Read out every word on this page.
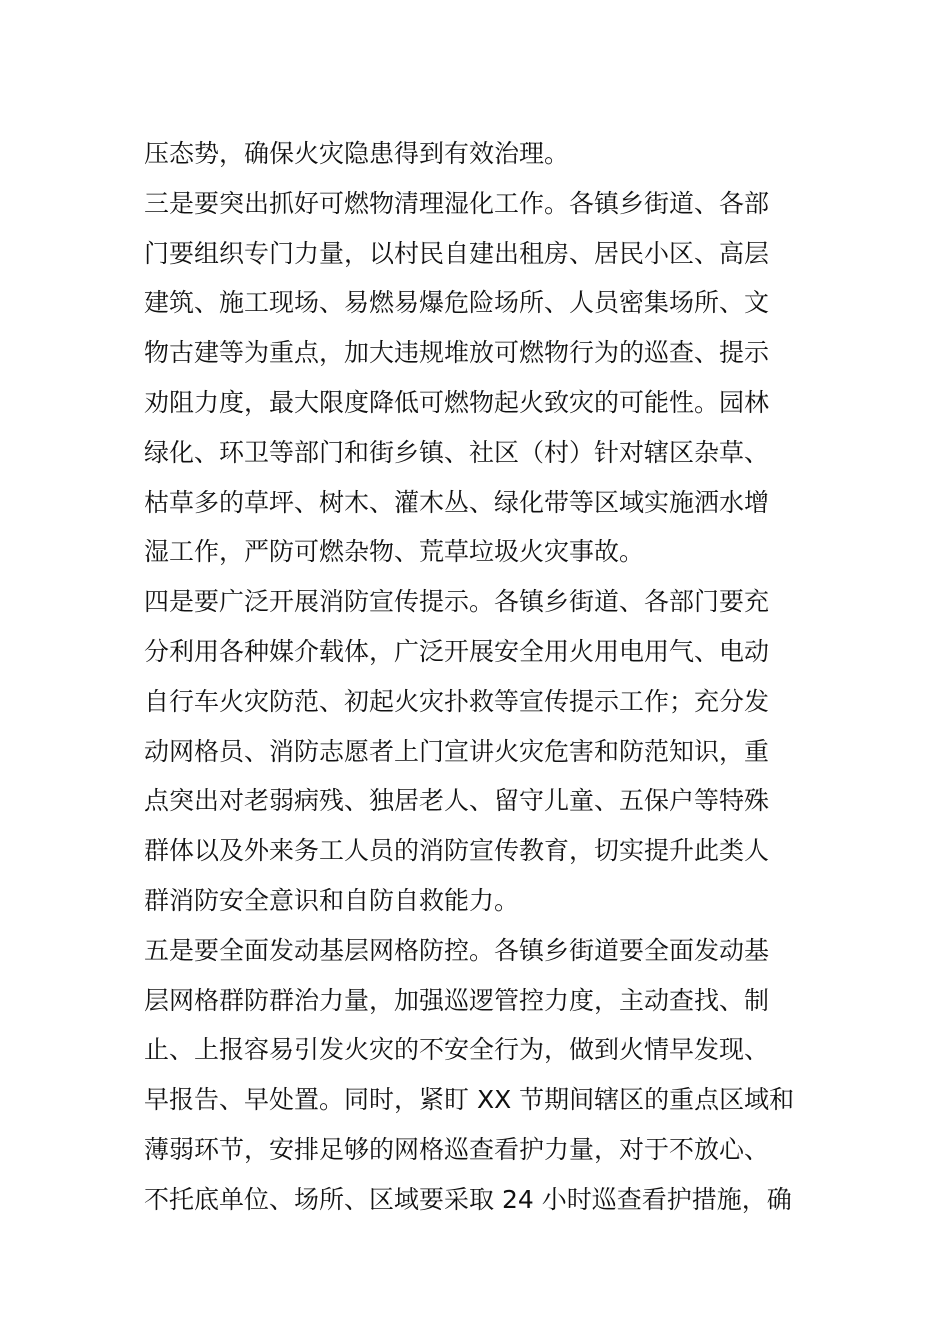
压态势，确保火灾隐患得到有效治理。
三是要突出抓好可燃物清理湿化工作。各镇乡街道、各部
门要组织专门力量，以村民自建出租房、居民小区、高层
建筑、施工现场、易燃易爆危险场所、人员密集场所、文
物古建等为重点，加大违规堆放可燃物行为的巡查、提示
劝阻力度，最大限度降低可燃物起火致灾的可能性。园林
绿化、环卫等部门和街乡镇、社区（村）针对辖区杂草、
枯草多的草坪、树木、灌木丛、绿化带等区域实施洒水增
湿工作，严防可燃杂物、荒草垃圾火灾事故。
四是要广泛开展消防宣传提示。各镇乡街道、各部门要充
分利用各种媒介载体，广泛开展安全用火用电用气、电动
自行车火灾防范、初起火灾扑救等宣传提示工作；充分发
动网格员、消防志愿者上门宣讲火灾危害和防范知识，重
点突出对老弱病残、独居老人、留守儿童、五保户等特殊
群体以及外来务工人员的消防宣传教育，切实提升此类人
群消防安全意识和自防自救能力。
五是要全面发动基层网格防控。各镇乡街道要全面发动基
层网格群防群治力量，加强巡逻管控力度，主动查找、制
止、上报容易引发火灾的不安全行为，做到火情早发现、
早报告、早处置。同时，紧盯 XX 节期间辖区的重点区域和
薄弱环节，安排足够的网格巡查看护力量，对于不放心、
不托底单位、场所、区域要采取 24 小时巡查看护措施，确
